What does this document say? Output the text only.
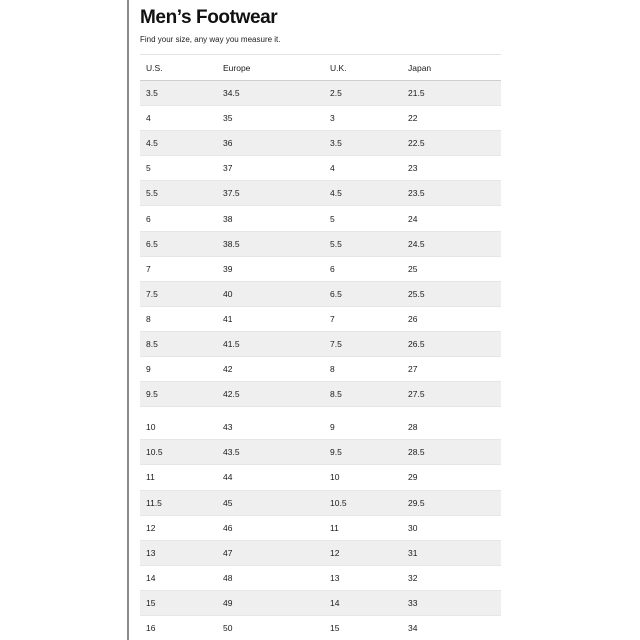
Men’s Footwear
Find your size, any way you measure it.
U.S.	Europe	U.K.	Japan
3.5	34.5	2.5	21.5
4	35	3	22
4.5	36	3.5	22.5
5	37	4	23
5.5	37.5	4.5	23.5
6	38	5	24
6.5	38.5	5.5	24.5
7	39	6	25
7.5	40	6.5	25.5
8	41	7	26
8.5	41.5	7.5	26.5
9	42	8	27
9.5	42.5	8.5	27.5
10	43	9	28
10.5	43.5	9.5	28.5
11	44	10	29
11.5	45	10.5	29.5
12	46	11	30
13	47	12	31
14	48	13	32
15	49	14	33
16	50	15	34
